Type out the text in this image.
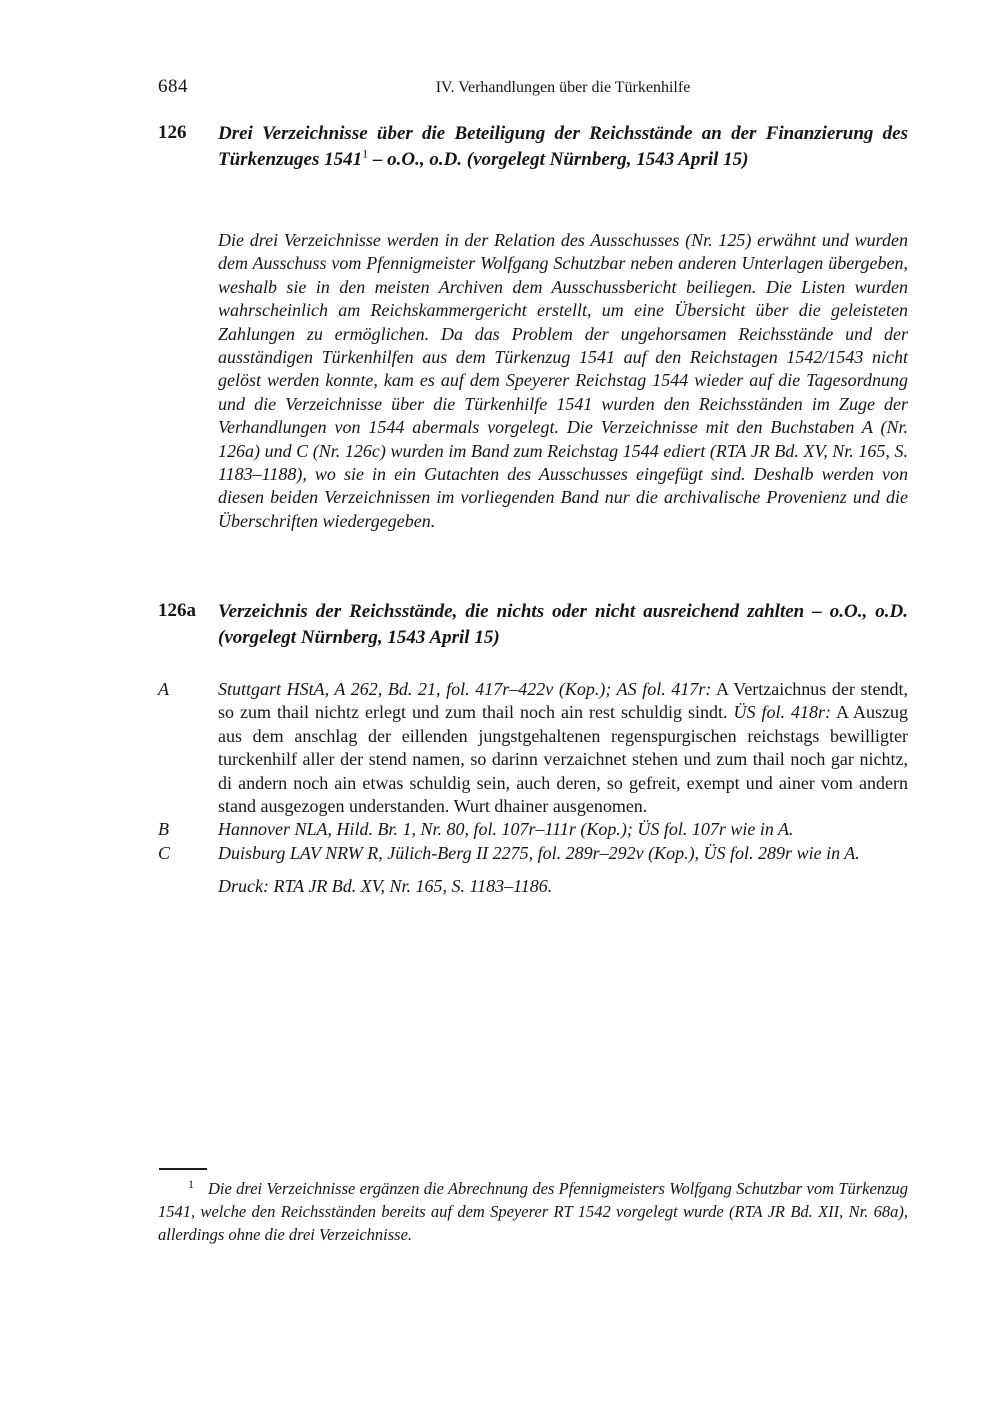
684	IV. Verhandlungen über die Türkenhilfe
126 Drei Verzeichnisse über die Beteiligung der Reichsstände an der Finanzierung des Türkenzuges 1541$^1$ – o.O., o.D. (vorgelegt Nürnberg, 1543 April 15)

Die drei Verzeichnisse werden in der Relation des Ausschusses (Nr. 125) erwähnt und wurden dem Ausschuss vom Pfennigmeister Wolfgang Schutzbar neben anderen Unterlagen übergeben, weshalb sie in den meisten Archiven dem Ausschussbericht beiliegen. Die Listen wurden wahrscheinlich am Reichskammergericht erstellt, um eine Übersicht über die geleisteten Zahlungen zu ermöglichen. Da das Problem der ungehorsamen Reichsstände und der ausständigen Türkenhilfen aus dem Türkenzug 1541 auf den Reichstagen 1542/1543 nicht gelöst werden konnte, kam es auf dem Speyerer Reichstag 1544 wieder auf die Tagesordnung und die Verzeichnisse über die Türkenhilfe 1541 wurden den Reichsständen im Zuge der Verhandlungen von 1544 abermals vorgelegt. Die Verzeichnisse mit den Buchstaben A (Nr. 126a) und C (Nr. 126c) wurden im Band zum Reichstag 1544 ediert (RTA JR Bd. XV, Nr. 165, S. 1183–1188), wo sie in ein Gutachten des Ausschusses eingefügt sind. Deshalb werden von diesen beiden Verzeichnissen im vorliegenden Band nur die archivalische Provenienz und die Überschriften wiedergegeben.

126a Verzeichnis der Reichsstände, die nichts oder nicht ausreichend zahlten – o.O., o.D. (vorgelegt Nürnberg, 1543 April 15)
A	Stuttgart HStA, A 262, Bd. 21, fol. 417r–422v (Kop.); AS fol. 417r: A Vertzaichnus der stendt, so zum thail nichtz erlegt und zum thail noch ain rest schuldig sindt. ÜS fol. 418r: A Auszug aus dem anschlag der eillenden jungstgehaltenen regenspurgischen reichstags bewilligter turckenhilf aller der stend namen, so darinn verzaichnet stehen und zum thail noch gar nichtz, di andern noch ain etwas schuldig sein, auch deren, so gefreit, exempt und ainer vom andern stand ausgezogen understanden. Wurt dhainer ausgenomen.

B	Hannover NLA, Hild. Br. 1, Nr. 80, fol. 107r–111r (Kop.); ÜS fol. 107r wie in A.

C	Duisburg LAV NRW R, Jülich-Berg II 2275, fol. 289r–292v (Kop.), ÜS fol. 289r wie in A.

Druck: RTA JR Bd. XV, Nr. 165, S. 1183–1186.

$^1$ Die drei Verzeichnisse ergänzen die Abrechnung des Pfennigmeisters Wolfgang Schutzbar vom Türkenzug 1541, welche den Reichsständen bereits auf dem Speyerer RT 1542 vorgelegt wurde (RTA JR Bd. XII, Nr. 68a), allerdings ohne die drei Verzeichnisse.
